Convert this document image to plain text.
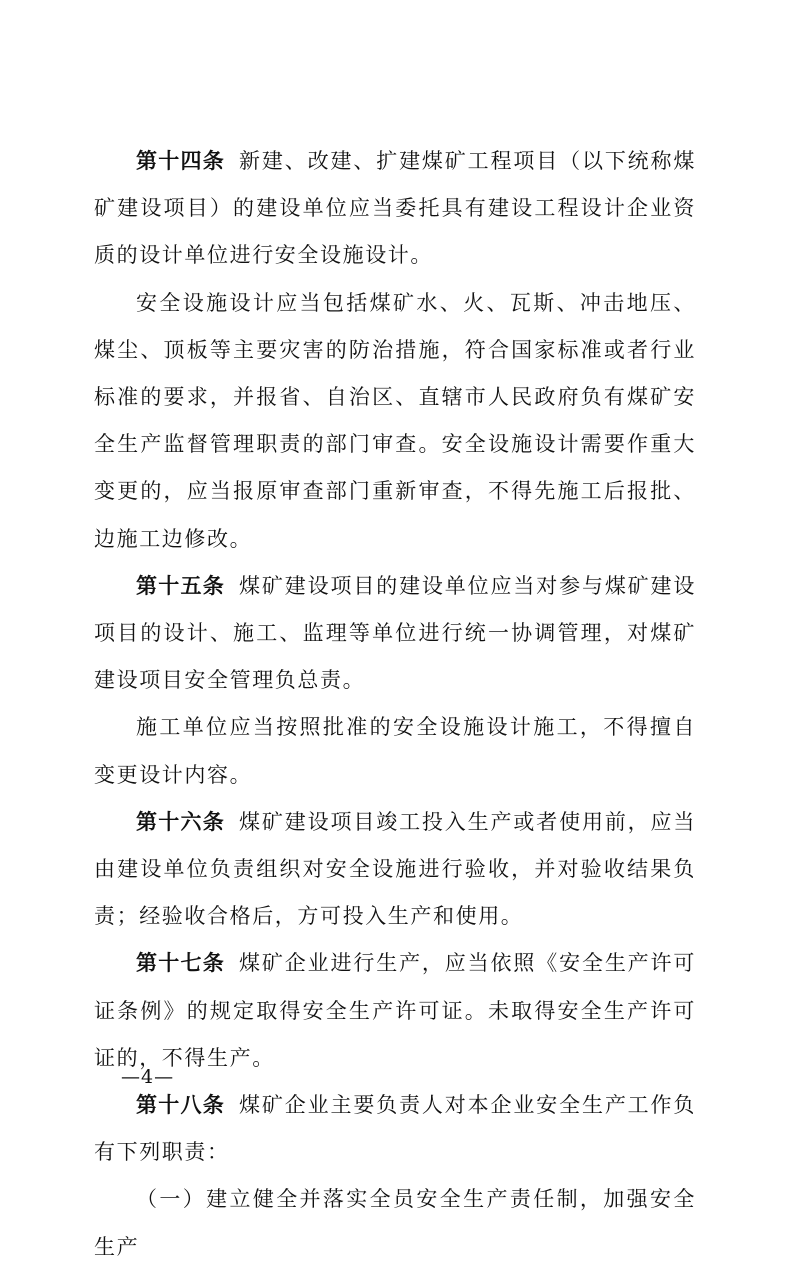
第十四条 新建、改建、扩建煤矿工程项目（以下统称煤矿建设项目）的建设单位应当委托具有建设工程设计企业资质的设计单位进行安全设施设计。

安全设施设计应当包括煤矿水、火、瓦斯、冲击地压、煤尘、顶板等主要灾害的防治措施，符合国家标准或者行业标准的要求，并报省、自治区、直辖市人民政府负有煤矿安全生产监督管理职责的部门审查。安全设施设计需要作重大变更的，应当报原审查部门重新审查，不得先施工后报批、边施工边修改。

第十五条 煤矿建设项目的建设单位应当对参与煤矿建设项目的设计、施工、监理等单位进行统一协调管理，对煤矿建设项目安全管理负总责。

施工单位应当按照批准的安全设施设计施工，不得擅自变更设计内容。

第十六条 煤矿建设项目竣工投入生产或者使用前，应当由建设单位负责组织对安全设施进行验收，并对验收结果负责；经验收合格后，方可投入生产和使用。

第十七条 煤矿企业进行生产，应当依照《安全生产许可证条例》的规定取得安全生产许可证。未取得安全生产许可证的，不得生产。

第十八条 煤矿企业主要负责人对本企业安全生产工作负有下列职责：

（一）建立健全并落实全员安全生产责任制，加强安全生产

—4—
